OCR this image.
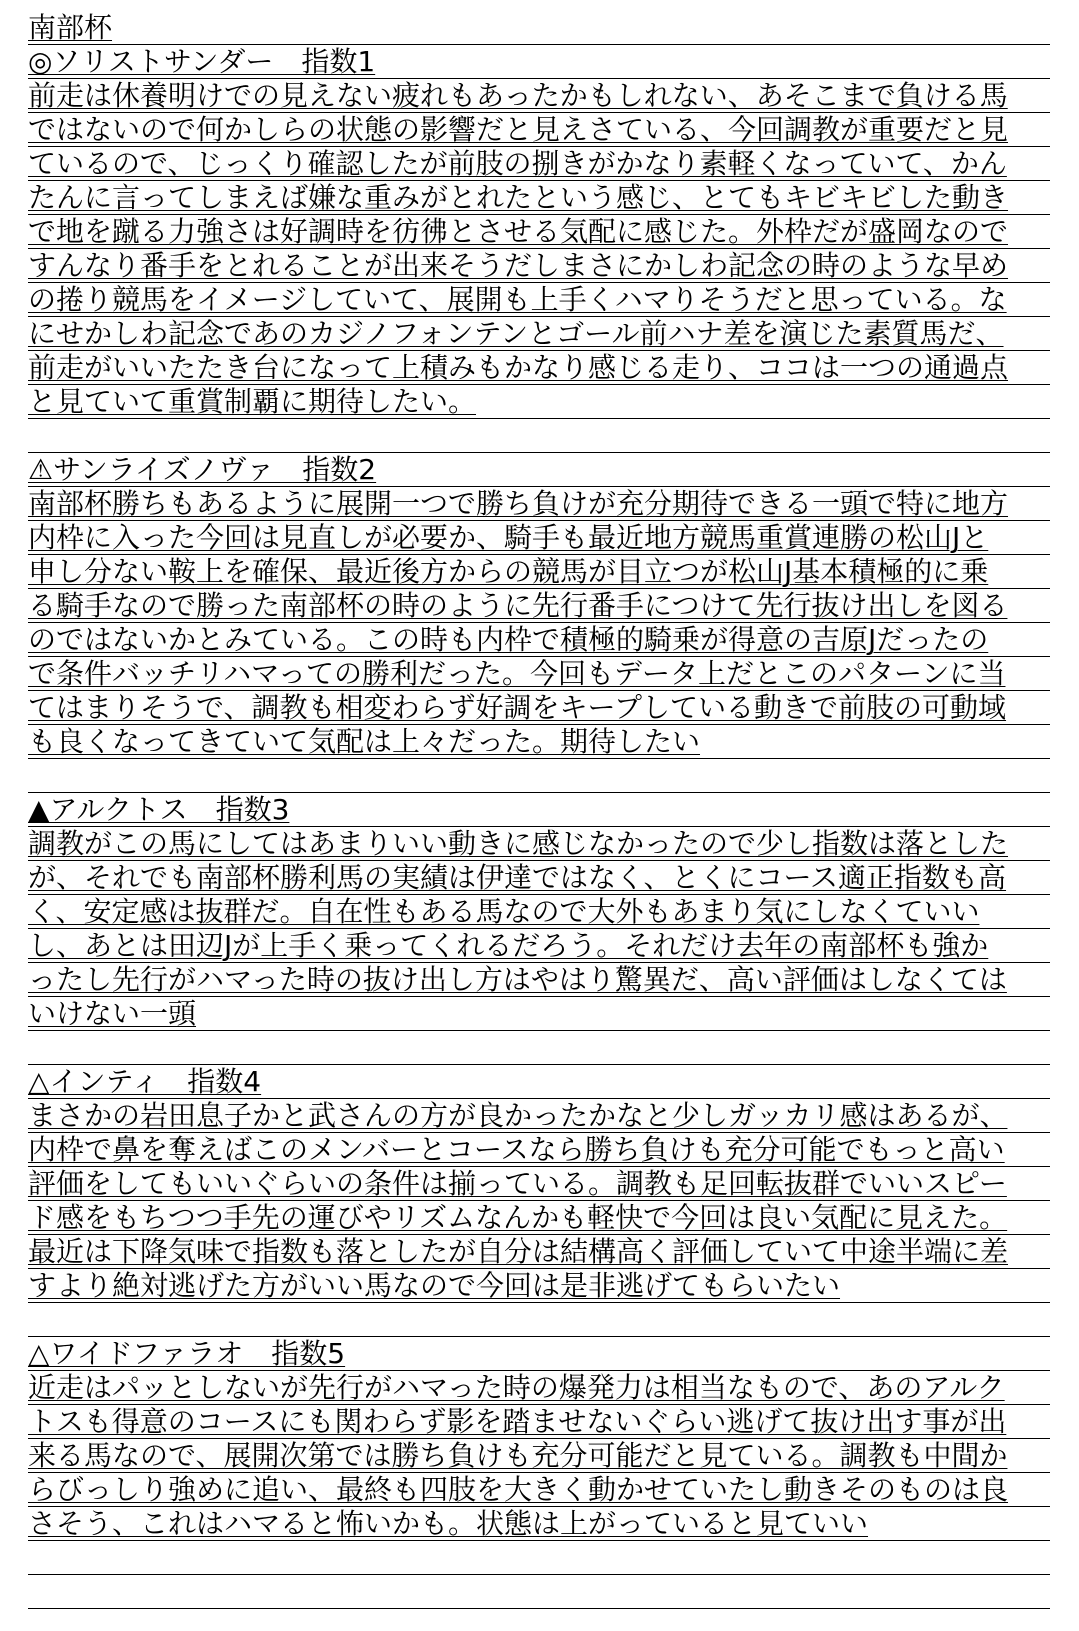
南部杯
◎ソリストサンダー　指数1
前走は休養明けでの見えない疲れもあったかもしれない、あそこまで負ける馬
ではないので何かしらの状態の影響だと見えさている、今回調教が重要だと見
ているので、じっくり確認したが前肢の捌きがかなり素軽くなっていて、かん
たんに言ってしまえば嫌な重みがとれたという感じ、とてもキビキビした動き
で地を蹴る力強さは好調時を彷彿とさせる気配に感じた。外枠だが盛岡なので
すんなり番手をとれることが出来そうだしまさにかしわ記念の時のような早め
の捲り競馬をイメージしていて、展開も上手くハマりそうだと思っている。な
にせかしわ記念であのカジノフォンテンとゴール前ハナ差を演じた素質馬だ、
前走がいいたたき台になって上積みもかなり感じる走り、ココは一つの通過点
と見ていて重賞制覇に期待したい。
⚠サンライズノヴァ　指数2
南部杯勝ちもあるように展開一つで勝ち負けが充分期待できる一頭で特に地方
内枠に入った今回は見直しが必要か、騎手も最近地方競馬重賞連勝の松山Jと
申し分ない鞍上を確保、最近後方からの競馬が目立つが松山J基本積極的に乗
る騎手なので勝った南部杯の時のように先行番手につけて先行抜け出しを図る
のではないかとみている。この時も内枠で積極的騎乗が得意の吉原Jだったの
で条件バッチリハマっての勝利だった。今回もデータ上だとこのパターンに当
てはまりそうで、調教も相変わらず好調をキープしている動きで前肢の可動域
も良くなってきていて気配は上々だった。期待したい
▲アルクトス　指数3
調教がこの馬にしてはあまりいい動きに感じなかったので少し指数は落とした
が、それでも南部杯勝利馬の実績は伊達ではなく、とくにコース適正指数も高
く、安定感は抜群だ。自在性もある馬なので大外もあまり気にしなくていい
し、あとは田辺Jが上手く乗ってくれるだろう。それだけ去年の南部杯も強か
ったし先行がハマった時の抜け出し方はやはり驚異だ、高い評価はしなくては
いけない一頭
△インティ　指数4
まさかの岩田息子かと武さんの方が良かったかなと少しガッカリ感はあるが、
内枠で鼻を奪えばこのメンバーとコースなら勝ち負けも充分可能でもっと高い
評価をしてもいいぐらいの条件は揃っている。調教も足回転抜群でいいスピー
ド感をもちつつ手先の運びやリズムなんかも軽快で今回は良い気配に見えた。
最近は下降気味で指数も落としたが自分は結構高く評価していて中途半端に差
すより絶対逃げた方がいい馬なので今回は是非逃げてもらいたい
△ワイドファラオ　指数5
近走はパッとしないが先行がハマった時の爆発力は相当なもので、あのアルク
トスも得意のコースにも関わらず影を踏ませないぐらい逃げて抜け出す事が出
来る馬なので、展開次第では勝ち負けも充分可能だと見ている。調教も中間か
らびっしり強めに追い、最終も四肢を大きく動かせていたし動きそのものは良
さそう、これはハマると怖いかも。状態は上がっていると見ていい
